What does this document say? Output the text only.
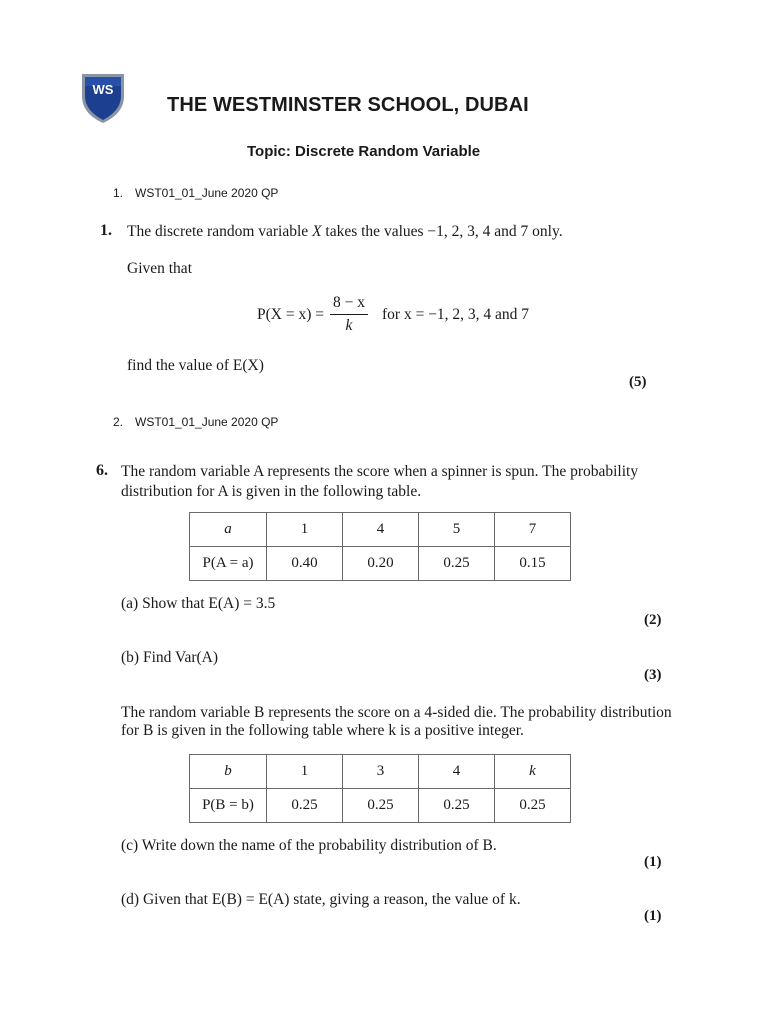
WS
THE WESTMINSTER SCHOOL, DUBAI
Topic: Discrete Random Variable
1. WST01_01_June 2020 QP
1. The discrete random variable X takes the values −1, 2, 3, 4 and 7 only.
Given that
$P(X = x) = \frac{8 - x}{k}$ for x = −1, 2, 3, 4 and 7
find the value of E(X)
(5)
2. WST01_01_June 2020 QP
6. The random variable A represents the score when a spinner is spun. The probability
distribution for A is given in the following table.
a	1	4	5	7
P(A = a)	0.40	0.20	0.25	0.15
(a) Show that E(A) = 3.5
(2)
(b) Find Var(A)
(3)
The random variable B represents the score on a 4-sided die. The probability distribution
for B is given in the following table where k is a positive integer.
b	1	3	4	k
P(B = b)	0.25	0.25	0.25	0.25
(c) Write down the name of the probability distribution of B.
(1)
(d) Given that E(B) = E(A) state, giving a reason, the value of k.
(1)
